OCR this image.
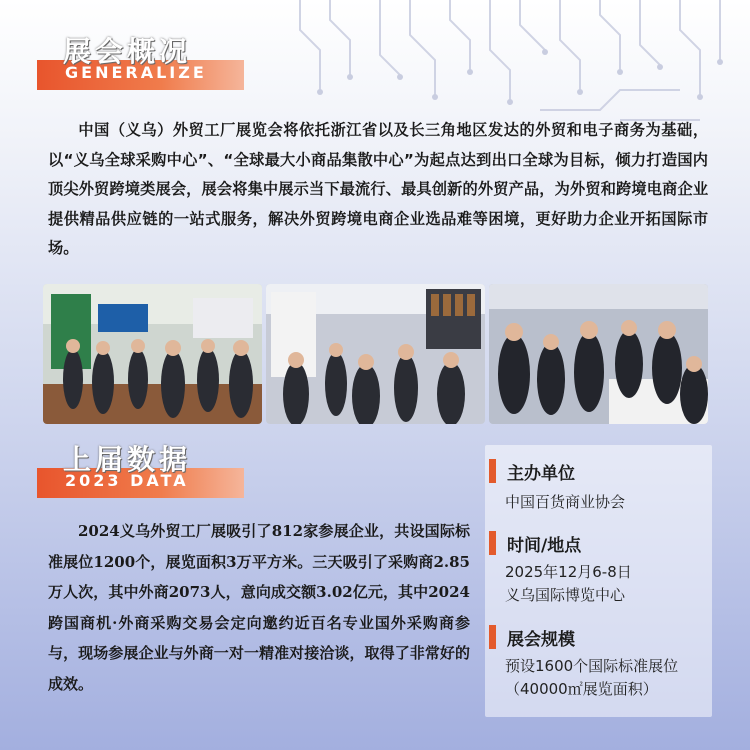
展会概况
GENERALIZE
中国（义乌）外贸工厂展览会将依托浙江省以及长三角地区发达的外贸和电子商务为基础，以“义乌全球采购中心”、“全球最大小商品集散中心”为起点达到出口全球为目标，倾力打造国内顶尖外贸跨境类展会，展会将集中展示当下最流行、最具创新的外贸产品，为外贸和跨境电商企业提供精品供应链的一站式服务，解决外贸跨境电商企业选品难等困境，更好助力企业开拓国际市场。
上届数据
2023 DATA
2024义乌外贸工厂展吸引了812家参展企业，共设国际标准展位1200个，展览面积3万平方米。三天吸引了采购商2.85万人次，其中外商2073人，意向成交额3.02亿元，其中2024跨国商机·外商采购交易会定向邀约近百名专业国外采购商参与，现场参展企业与外商一对一精准对接洽谈，取得了非常好的成效。
主办单位
中国百货商业协会
时间/地点
2025年12月6-8日
义乌国际博览中心
展会规模
预设1600个国际标准展位
（40000㎡展览面积）
